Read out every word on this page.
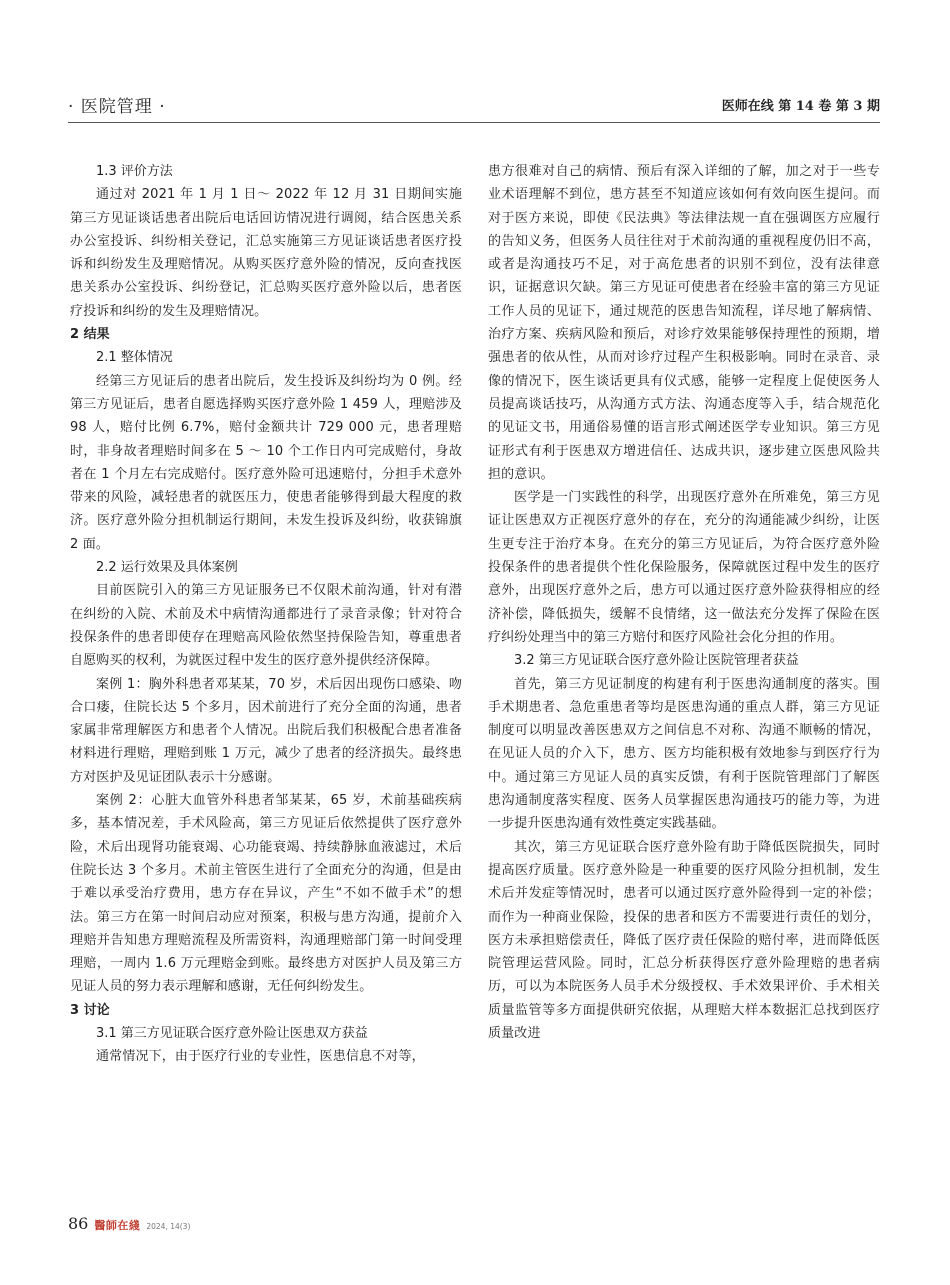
· 医院管理 ·	医师在线 第 14 卷 第 3 期
1.3 评价方法

通过对 2021 年 1 月 1 日～ 2022 年 12 月 31 日期间实施第三方见证谈话患者出院后电话回访情况进行调阅，结合医患关系办公室投诉、纠纷相关登记，汇总实施第三方见证谈话患者医疗投诉和纠纷发生及理赔情况。从购买医疗意外险的情况，反向查找医患关系办公室投诉、纠纷登记，汇总购买医疗意外险以后，患者医疗投诉和纠纷的发生及理赔情况。

2 结果
2.1 整体情况

经第三方见证后的患者出院后，发生投诉及纠纷均为 0 例。经第三方见证后，患者自愿选择购买医疗意外险 1 459 人，理赔涉及 98 人，赔付比例 6.7%，赔付金额共计 729 000 元，患者理赔时，非身故者理赔时间多在 5 ～ 10 个工作日内可完成赔付，身故者在 1 个月左右完成赔付。医疗意外险可迅速赔付，分担手术意外带来的风险，减轻患者的就医压力，使患者能够得到最大程度的救济。医疗意外险分担机制运行期间，未发生投诉及纠纷，收获锦旗 2 面。

2.2 运行效果及具体案例

目前医院引入的第三方见证服务已不仅限术前沟通，针对有潜在纠纷的入院、术前及术中病情沟通都进行了录音录像；针对符合投保条件的患者即使存在理赔高风险依然坚持保险告知，尊重患者自愿购买的权利，为就医过程中发生的医疗意外提供经济保障。

案例 1：胸外科患者邓某某，70 岁，术后因出现伤口感染、吻合口瘘，住院长达 5 个多月，因术前进行了充分全面的沟通，患者家属非常理解医方和患者个人情况。出院后我们积极配合患者准备材料进行理赔，理赔到账 1 万元，减少了患者的经济损失。最终患方对医护及见证团队表示十分感谢。

案例 2：心脏大血管外科患者邹某某，65 岁，术前基础疾病多，基本情况差，手术风险高，第三方见证后依然提供了医疗意外险，术后出现肾功能衰竭、心功能衰竭、持续静脉血液滤过，术后住院长达 3 个多月。术前主管医生进行了全面充分的沟通，但是由于难以承受治疗费用，患方存在异议，产生“不如不做手术”的想法。第三方在第一时间启动应对预案，积极与患方沟通，提前介入理赔并告知患方理赔流程及所需资料，沟通理赔部门第一时间受理理赔，一周内 1.6 万元理赔金到账。最终患方对医护人员及第三方见证人员的努力表示理解和感谢，无任何纠纷发生。

3 讨论
3.1 第三方见证联合医疗意外险让医患双方获益

通常情况下，由于医疗行业的专业性，医患信息不对等，

患方很难对自己的病情、预后有深入详细的了解，加之对于一些专业术语理解不到位，患方甚至不知道应该如何有效向医生提问。而对于医方来说，即使《民法典》等法律法规一直在强调医方应履行的告知义务，但医务人员往往对于术前沟通的重视程度仍旧不高，或者是沟通技巧不足，对于高危患者的识别不到位，没有法律意识，证据意识欠缺。第三方见证可使患者在经验丰富的第三方见证工作人员的见证下，通过规范的医患告知流程，详尽地了解病情、治疗方案、疾病风险和预后，对诊疗效果能够保持理性的预期，增强患者的依从性，从而对诊疗过程产生积极影响。同时在录音、录像的情况下，医生谈话更具有仪式感，能够一定程度上促使医务人员提高谈话技巧，从沟通方式方法、沟通态度等入手，结合规范化的见证文书，用通俗易懂的语言形式阐述医学专业知识。第三方见证形式有利于医患双方增进信任、达成共识，逐步建立医患风险共担的意识。

医学是一门实践性的科学，出现医疗意外在所难免，第三方见证让医患双方正视医疗意外的存在，充分的沟通能减少纠纷，让医生更专注于治疗本身。在充分的第三方见证后，为符合医疗意外险投保条件的患者提供个性化保险服务，保障就医过程中发生的医疗意外，出现医疗意外之后，患方可以通过医疗意外险获得相应的经济补偿，降低损失，缓解不良情绪，这一做法充分发挥了保险在医疗纠纷处理当中的第三方赔付和医疗风险社会化分担的作用。

3.2 第三方见证联合医疗意外险让医院管理者获益

首先，第三方见证制度的构建有利于医患沟通制度的落实。围手术期患者、急危重患者等均是医患沟通的重点人群，第三方见证制度可以明显改善医患双方之间信息不对称、沟通不顺畅的情况，在见证人员的介入下，患方、医方均能积极有效地参与到医疗行为中。通过第三方见证人员的真实反馈，有利于医院管理部门了解医患沟通制度落实程度、医务人员掌握医患沟通技巧的能力等，为进一步提升医患沟通有效性奠定实践基础。

其次，第三方见证联合医疗意外险有助于降低医院损失，同时提高医疗质量。医疗意外险是一种重要的医疗风险分担机制，发生术后并发症等情况时，患者可以通过医疗意外险得到一定的补偿；而作为一种商业保险，投保的患者和医方不需要进行责任的划分，医方未承担赔偿责任，降低了医疗责任保险的赔付率，进而降低医院管理运营风险。同时，汇总分析获得医疗意外险理赔的患者病历，可以为本院医务人员手术分级授权、手术效果评价、手术相关质量监管等多方面提供研究依据，从理赔大样本数据汇总找到医疗质量改进

86 醫師在綫 2024, 14(3)
